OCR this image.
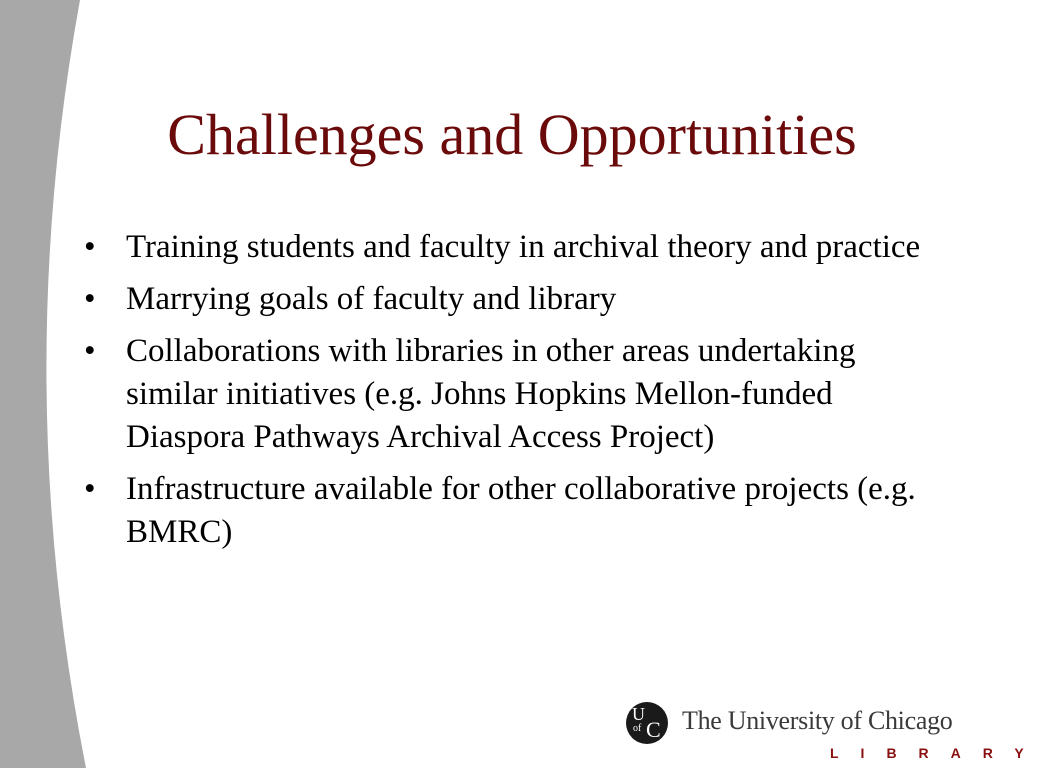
Challenges and Opportunities
• Training students and faculty in archival theory and practice
• Marrying goals of faculty and library
• Collaborations with libraries in other areas undertaking similar initiatives (e.g. Johns Hopkins Mellon-funded Diaspora Pathways Archival Access Project)
• Infrastructure available for other collaborative projects (e.g. BMRC)
U
of C The University of Chicago
LIBRARY
